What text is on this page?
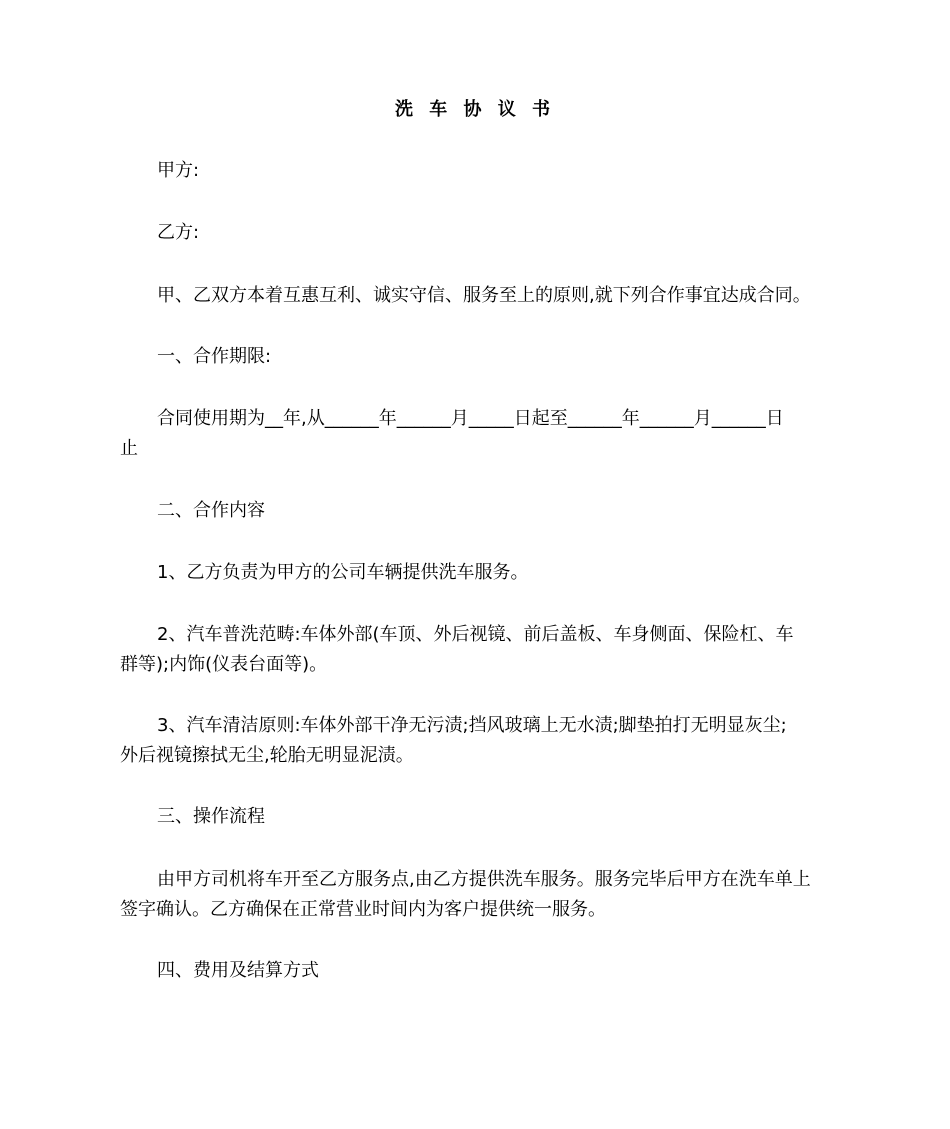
洗 车 协 议 书
甲方:
乙方:
甲、乙双方本着互惠互利、诚实守信、服务至上的原则,就下列合作事宜达成合同。
一、合作期限:
合同使用期为__年,从______年______月_____日起至______年______月______日
止
二、合作内容
1、乙方负责为甲方的公司车辆提供洗车服务。
2、汽车普洗范畴:车体外部(车顶、外后视镜、前后盖板、车身侧面、保险杠、车
群等);内饰(仪表台面等)。
3、汽车清洁原则:车体外部干净无污渍;挡风玻璃上无水渍;脚垫拍打无明显灰尘;
外后视镜擦拭无尘,轮胎无明显泥渍。
三、操作流程
由甲方司机将车开至乙方服务点,由乙方提供洗车服务。服务完毕后甲方在洗车单上
签字确认。乙方确保在正常营业时间内为客户提供统一服务。
四、费用及结算方式
